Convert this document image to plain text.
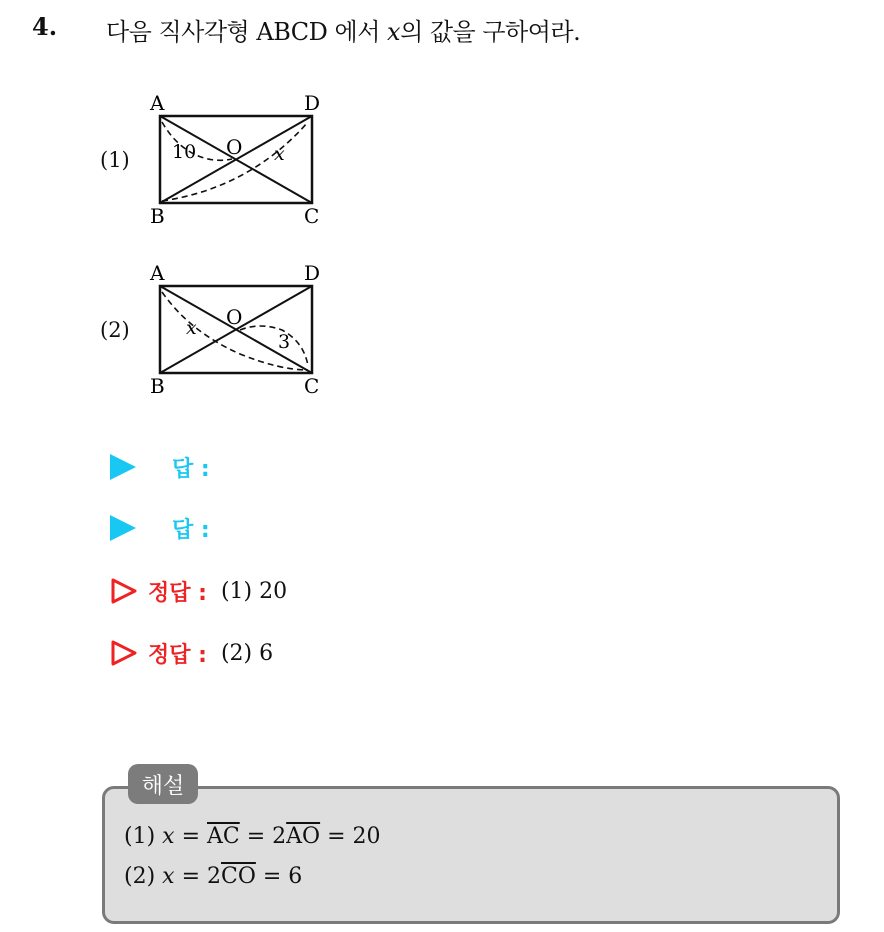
4. 다음 직사각형 ABCD 에서 x의 값을 구하여라.
(1)
A	D
B	C
O
10	x
(2)
O
A	D
B	C
x
3
답 :
답 :
정답 : (1) 20
정답 : (2) 6
해설
(1) $x = \overline{AC} = 2\overline{AO} = 20$
(2) $x = 2\overline{CO} = 6$
